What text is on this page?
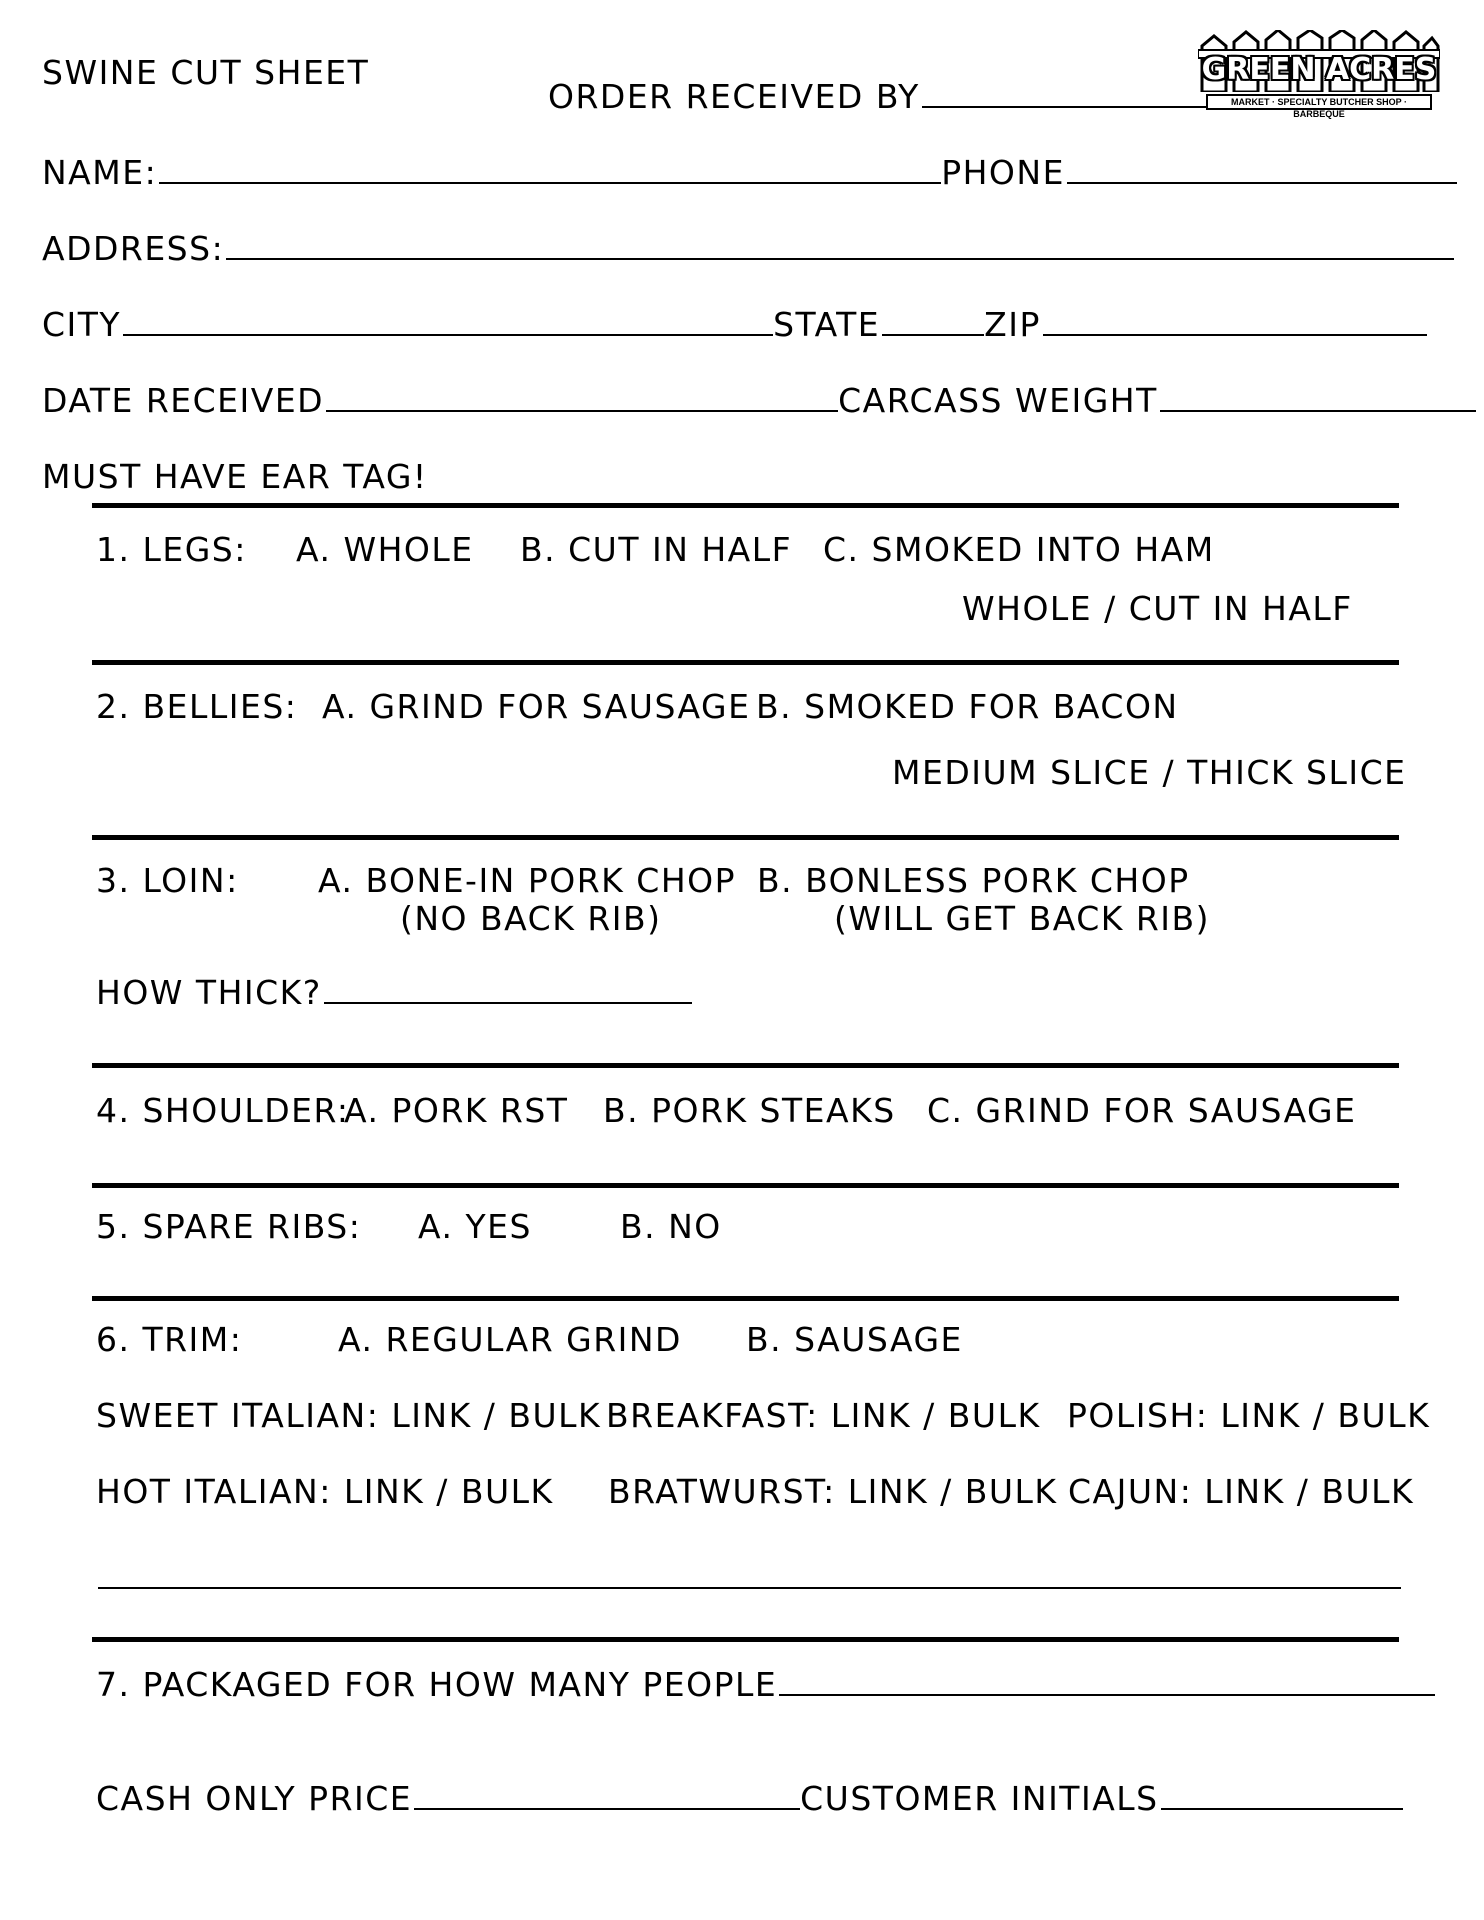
SWINE CUT SHEET
ORDER RECEIVED BY
GREEN ACRES
MARKET · SPECIALTY BUTCHER SHOP · BARBEQUE
NAME:	PHONE
ADDRESS:
CITY	STATE	ZIP
DATE RECEIVED	CARCASS WEIGHT
MUST HAVE EAR TAG!
1. LEGS: A. WHOLE B. CUT IN HALF C. SMOKED INTO HAM
WHOLE / CUT IN HALF
2. BELLIES: A. GRIND FOR SAUSAGE B. SMOKED FOR BACON
MEDIUM SLICE / THICK SLICE
3. LOIN: A. BONE-IN PORK CHOP
(NO BACK RIB)
B. BONLESS PORK CHOP
(WILL GET BACK RIB)
HOW THICK?
4. SHOULDER:
A. PORK RST B. PORK STEAKS C. GRIND FOR SAUSAGE
5. SPARE RIBS: A. YES	B. NO
6. TRIM:	A. REGULAR GRIND B. SAUSAGE
SWEET ITALIAN: LINK / BULK BREAKFAST: LINK / BULK POLISH: LINK / BULK
HOT ITALIAN: LINK / BULK BRATWURST: LINK / BULK CAJUN: LINK / BULK
7. PACKAGED FOR HOW MANY PEOPLE
CASH ONLY PRICE	CUSTOMER INITIALS
